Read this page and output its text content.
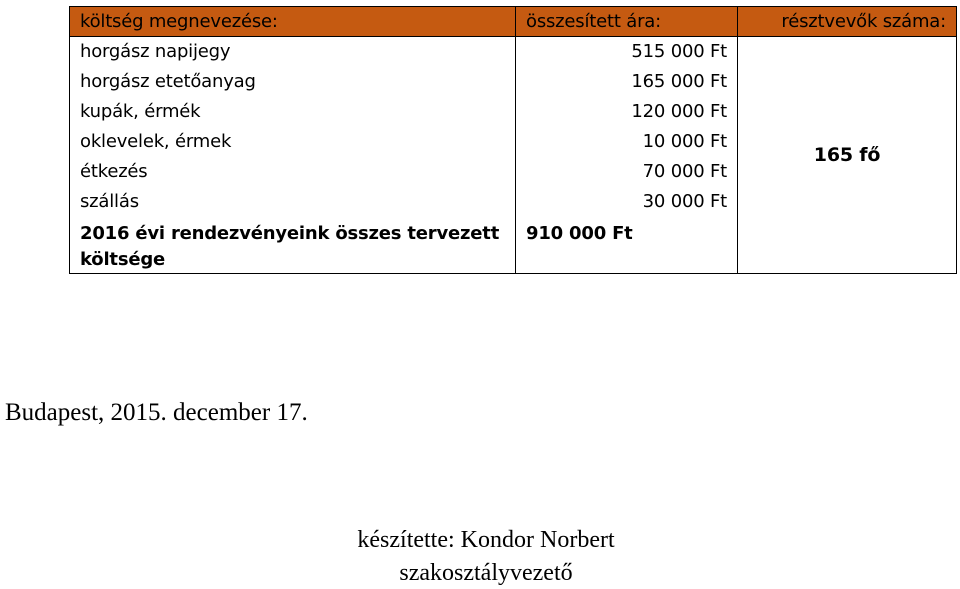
költség megnevezése:	összesített ára:	résztvevők száma:
horgász napijegy	515 000 Ft	165 fő
horgász etetőanyag	165 000 Ft	
kupák, érmék	120 000 Ft	
oklevelek, érmek	10 000 Ft	
étkezés	70 000 Ft	
szállás	30 000 Ft	
2016 évi rendezvényeink összes tervezett költsége	910 000 Ft	
Budapest, 2015. december 17.
készítette: Kondor Norbert
szakosztályvezető
